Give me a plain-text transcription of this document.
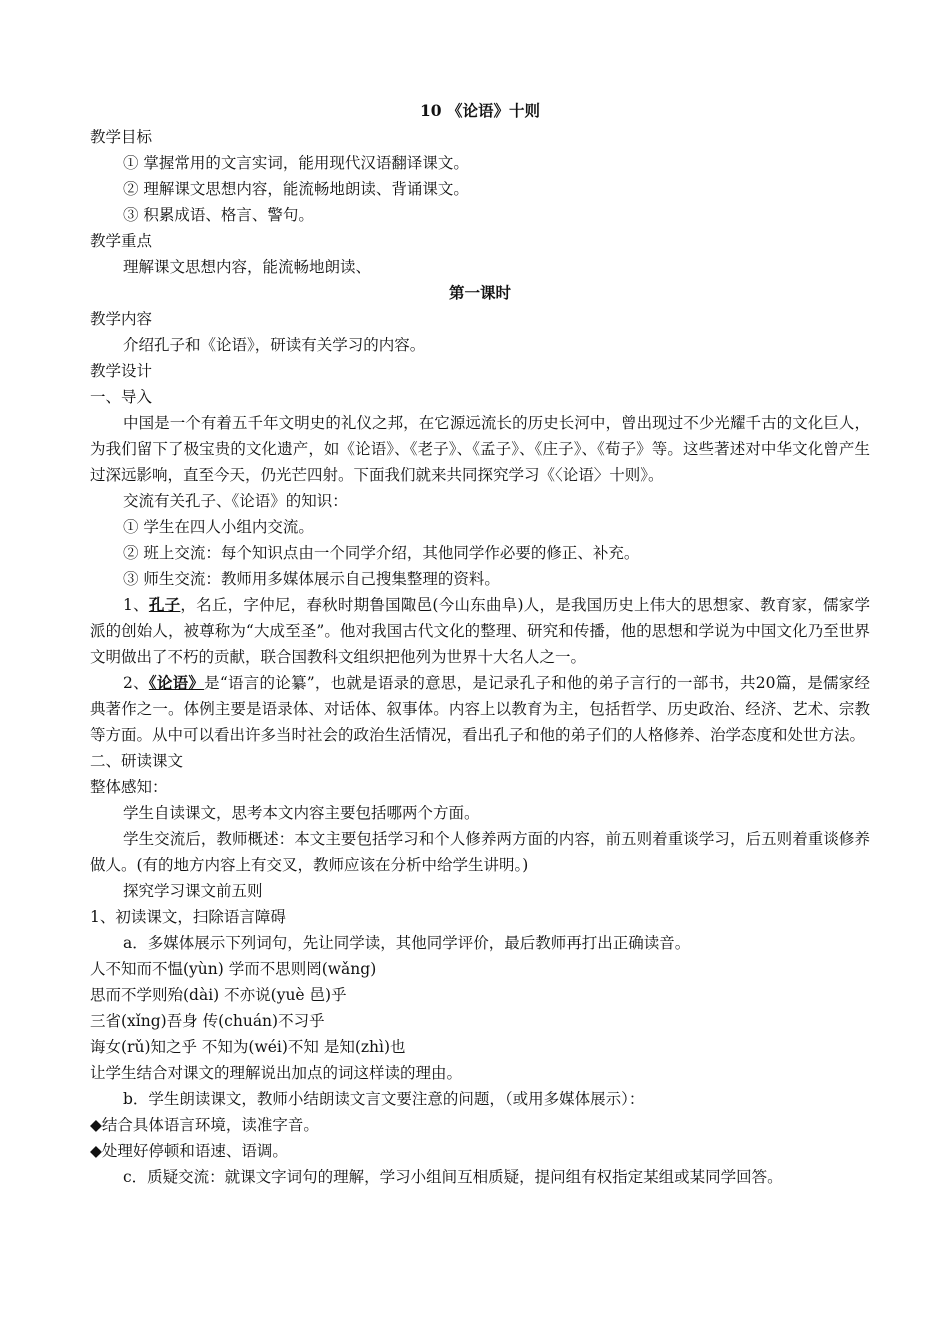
10 《论语》十则

教学目标

① 掌握常用的文言实词，能用现代汉语翻译课文。

② 理解课文思想内容，能流畅地朗读、背诵课文。

③ 积累成语、格言、警句。

教学重点

理解课文思想内容，能流畅地朗读、

第一课时

教学内容

介绍孔子和《论语》，研读有关学习的内容。

教学设计

一、导入

中国是一个有着五千年文明史的礼仪之邦，在它源远流长的历史长河中，曾出现过不少光耀千古的文化巨人，为我们留下了极宝贵的文化遗产，如《论语》、《老子》、《孟子》、《庄子》、《荀子》等。这些著述对中华文化曾产生过深远影响，直至今天，仍光芒四射。下面我们就来共同探究学习《〈论语〉十则》。

交流有关孔子、《论语》的知识：

① 学生在四人小组内交流。

② 班上交流：每个知识点由一个同学介绍，其他同学作必要的修正、补充。

③ 师生交流：教师用多媒体展示自己搜集整理的资料。

1、孔子，名丘，字仲尼，春秋时期鲁国陬邑(今山东曲阜)人，是我国历史上伟大的思想家、教育家，儒家学派的创始人，被尊称为“大成至圣”。他对我国古代文化的整理、研究和传播，他的思想和学说为中国文化乃至世界文明做出了不朽的贡献，联合国教科文组织把他列为世界十大名人之一。

2、《论语》是“语言的论纂”，也就是语录的意思，是记录孔子和他的弟子言行的一部书，共20篇，是儒家经典著作之一。体例主要是语录体、对话体、叙事体。内容上以教育为主，包括哲学、历史政治、经济、艺术、宗教等方面。从中可以看出许多当时社会的政治生活情况，看出孔子和他的弟子们的人格修养、治学态度和处世方法。

二、研读课文

整体感知：

学生自读课文，思考本文内容主要包括哪两个方面。

学生交流后，教师概述：本文主要包括学习和个人修养两方面的内容，前五则着重谈学习，后五则着重谈修养做人。(有的地方内容上有交叉，教师应该在分析中给学生讲明。)

探究学习课文前五则

1、初读课文，扫除语言障碍

a．多媒体展示下列词句，先让同学读，其他同学评价，最后教师再打出正确读音。

人不知而不愠(yùn) 学而不思则罔(wǎng)

思而不学则殆(dài) 不亦说(yuè 邑)乎

三省(xǐng)吾身 传(chuán)不习乎

诲女(rǔ)知之乎 不知为(wéi)不知 是知(zhì)也

让学生结合对课文的理解说出加点的词这样读的理由。

b．学生朗读课文，教师小结朗读文言文要注意的问题，（或用多媒体展示）：

◆结合具体语言环境，读准字音。

◆处理好停顿和语速、语调。

c．质疑交流：就课文字词句的理解，学习小组间互相质疑，提问组有权指定某组或某同学回答。
